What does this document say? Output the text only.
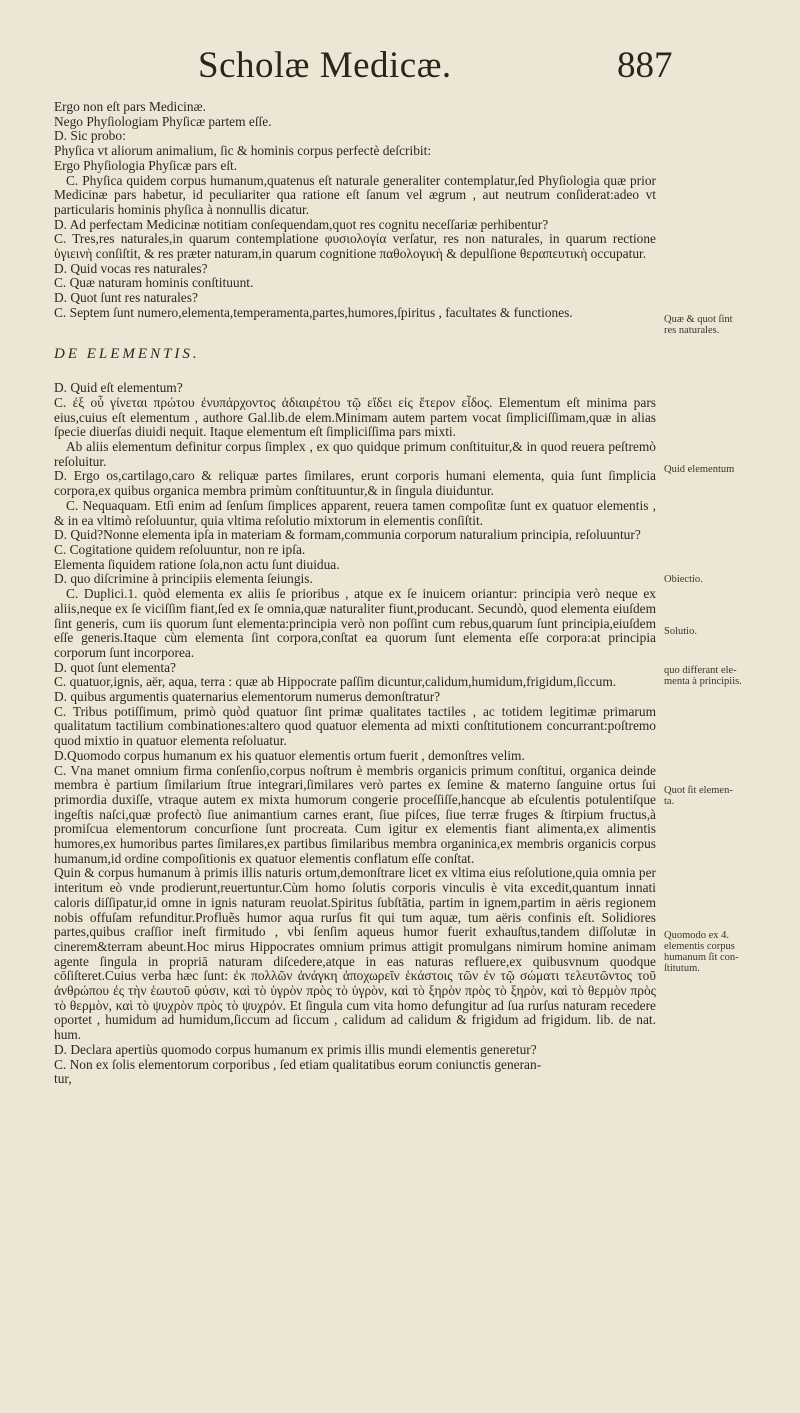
Scholæ Medicæ.	887

Ergo non eſt pars Medicinæ.

Nego Phyſiologiam Phyſicæ partem eſſe.

D. Sic probo:

Phyſica vt aliorum animalium, ſic & hominis corpus perfectè deſcribit:

Ergo Phyſiologia Phyſicæ pars eſt.

C. Phyſica quidem corpus humanum,quatenus eſt naturale generaliter contemplatur,ſed Phyſiologia quæ prior Medicinæ pars habetur, id peculiariter qua ratione eſt ſanum vel ægrum , aut neutrum conſiderat:adeo vt particularis hominis phyſica à nonnullis dicatur.

D. Ad perfectam Medicinæ notitiam conſequendam,quot res cognitu neceſſariæ perhibentur?

C. Tres,res naturales,in quarum contemplatione φυσιολογία verſatur, res non naturales, in quarum rectione ὑγιεινὴ conſiſtit, & res præter naturam,in quarum cognitione παθολογικὴ & depulſione θεραπευτικὴ occupatur.

D. Quid vocas res naturales?

C. Quæ naturam hominis conſtituunt.

D. Quot ſunt res naturales?

C. Septem ſunt numero,elementa,temperamenta,partes,humores,ſpiritus , facultates & functiones.

DE ELEMENTIS.

D. Quid eſt elementum?

C. ἐξ οὗ γίνεται πρώτου ἐνυπάρχοντος ἀδιαιρέτου τῷ εἴδει εἰς ἕτερον εἶδος. Elementum eſt minima pars eius,cuius eſt elementum , authore Gal.lib.de elem.Minimam autem partem vocat ſimpliciſſimam,quæ in alias ſpecie diuerſas diuidi nequit. Itaque elementum eſt ſimpliciſſima pars mixti.

Ab aliis elementum definitur corpus ſimplex , ex quo quidque primum conſtituitur,& in quod reuera peſtremò reſoluitur.

D. Ergo os,cartilago,caro & reliquæ partes ſimilares, erunt corporis humani elementa, quia ſunt ſimplicia corpora,ex quibus organica membra primùm conſtituuntur,& in ſingula diuiduntur.

C. Nequaquam. Etſi enim ad ſenſum ſimplices apparent, reuera tamen compoſitæ ſunt ex quatuor elementis , & in ea vltimò reſoluuntur, quia vltima reſolutio mixtorum in elementis conſiſtit.

D. Quid?Nonne elementa ipſa in materiam & formam,communia corporum naturalium principia, reſoluuntur?

C. Cogitatione quidem reſoluuntur, non re ipſa.

Elementa ſiquidem ratione ſola,non actu ſunt diuidua.

D. quo diſcrimine à principiis elementa ſeiungis.

C. Duplici.1. quòd elementa ex aliis ſe prioribus , atque ex ſe inuicem oriantur: principia verò neque ex aliis,neque ex ſe viciſſim fiant,ſed ex ſe omnia,quæ naturaliter fiunt,producant. Secundò, quod elementa eiuſdem ſint generis, cum iis quorum ſunt elementa:principia verò non poſſint cum rebus,quarum ſunt principia,eiuſdem eſſe generis.Itaque cùm elementa ſint corpora,conſtat ea quorum ſunt elementa eſſe corpora:at principia corporum ſunt incorporea.

D. quot ſunt elementa?

C. quatuor,ignis, aër, aqua, terra : quæ ab Hippocrate paſſim dicuntur,calidum,humidum,frigidum,ſiccum.

D. quibus argumentis quaternarius elementorum numerus demonſtratur?

C. Tribus potiſſimum, primò quòd quatuor ſint primæ qualitates tactiles , ac totidem legitimæ primarum qualitatum tactilium combinationes:altero quod quatuor elementa ad mixti conſtitutionem concurrant:poſtremo quod mixtio in quatuor elementa reſoluatur.

D.Quomodo corpus humanum ex his quatuor elementis ortum fuerit , demonſtres velim.

C. Vna manet omnium firma conſenſio,corpus noſtrum è membris organicis primum conſtitui, organica deinde membra è partium ſimilarium ſtrue integrari,ſimilares verò partes ex ſemine & materno ſanguine ortus ſui primordia duxiſſe, vtraque autem ex mixta humorum congerie proceſſiſſe,hancque ab eſculentis potulentiſque ingeſtis naſci,quæ profectò ſiue animantium carnes erant, ſiue piſces, ſiue terræ fruges & ſtirpium fructus,à promiſcua elementorum concurſione ſunt procreata. Cum igitur ex elementis fiant alimenta,ex alimentis humores,ex humoribus partes ſimilares,ex partibus ſimilaribus membra organinica,ex membris organicis corpus humanum,id ordine compoſitionis ex quatuor elementis conflatum eſſe conſtat.

Quin & corpus humanum à primis illis naturis ortum,demonſtrare licet ex vltima eius reſolutione,quia omnia per interitum eò vnde prodierunt,reuertuntur.Cùm homo ſolutis corporis vinculis è vita excedit,quantum innati caloris diſſipatur,id omne in ignis naturam reuolat.Spiritus ſubſtātia, partim in ignem,partim in aëris regionem nobis offuſam refunditur.Profluẽs humor aqua rurſus fit qui tum aquæ, tum aëris confinis eſt. Solidiores partes,quibus craſſior ineſt firmitudo , vbi ſenſim aqueus humor fuerit exhauſtus,tandem diſſolutæ in cinerem&terram abeunt.Hoc mirus Hippocrates omnium primus attigit promulgans nimirum homine animam agente ſingula in propriā naturam diſcedere,atque in eas naturas refluere,ex quibusvnum quodque cōſiſteret.Cuius verba hæc ſunt: ἐκ πολλῶν ἀνάγκη ἀποχωρεῖν ἑκάστοις τῶν ἐν τῷ σώματι τελευτῶντος τοῦ ἀνθρώπου ἐς τὴν ἑωυτοῦ φύσιν, καὶ τὸ ὑγρὸν πρὸς τὸ ὑγρὸν, καὶ τὸ ξηρὸν πρὸς τὸ ξηρὸν, καὶ τὸ θερμὸν πρὸς τὸ θερμὸν, καὶ τὸ ψυχρὸν πρὸς τὸ ψυχρόν. Et ſingula cum vita homo defungitur ad ſua rurſus naturam recedere oportet , humidum ad humidum,ſiccum ad ſiccum , calidum ad calidum & frigidum ad frigidum. lib. de nat. hum.

D. Declara apertiùs quomodo corpus humanum ex primis illis mundi elementis generetur?

C. Non ex ſolis elementorum corporibus , ſed etiam qualitatibus eorum coniunctis generan-

tur,

Quæ & quot ſint
res naturales.
Quid elementum
Obiectio.
Solutio.
quo differant ele-
menta à principiis.
Quot ſit elemen-
ta.
Quomodo ex 4.
elementis corpus
humanum ſit con-
ſtitutum.
